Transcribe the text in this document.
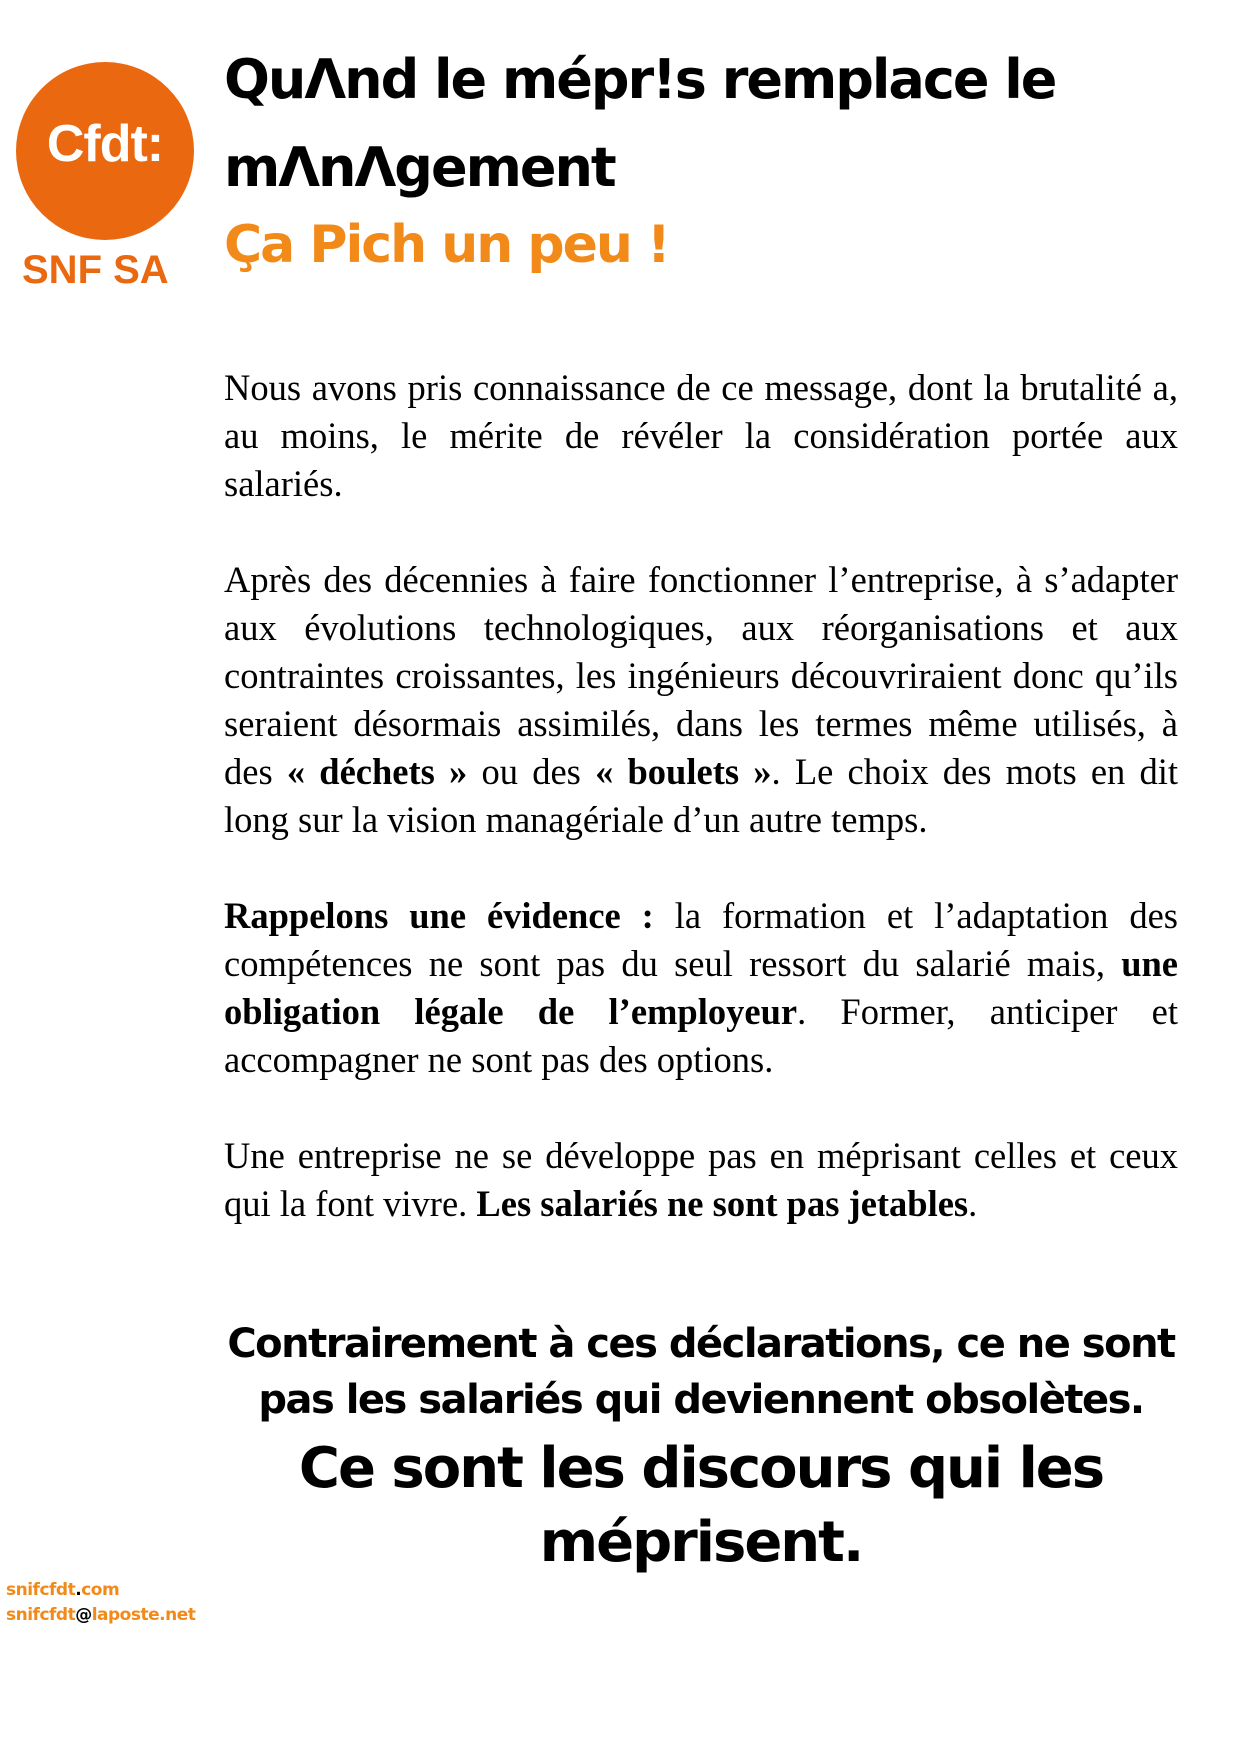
Cfdt:
SNF SA
QuΛnd le mépr!s remplace le mΛnΛgement
Ça Pich un peu !

Nous avons pris connaissance de ce message, dont la brutalité a, au moins, le mérite de révéler la considération portée aux salariés.

Après des décennies à faire fonctionner l’entreprise, à s’adapter aux évolutions technologiques, aux réorganisations et aux contraintes croissantes, les ingénieurs découvriraient donc qu’ils seraient désormais assimilés, dans les termes même utilisés, à des « déchets » ou des « boulets ». Le choix des mots en dit long sur la vision managériale d’un autre temps.

Rappelons une évidence : la formation et l’adaptation des compétences ne sont pas du seul ressort du salarié mais, une obligation légale de l’employeur. Former, anticiper et accompagner ne sont pas des options.

Une entreprise ne se développe pas en méprisant celles et ceux qui la font vivre. Les salariés ne sont pas jetables.

Contrairement à ces déclarations, ce ne sont pas les salariés qui deviennent obsolètes.
Ce sont les discours qui les méprisent.
snifcfdt.com
snifcfdt@laposte.net
